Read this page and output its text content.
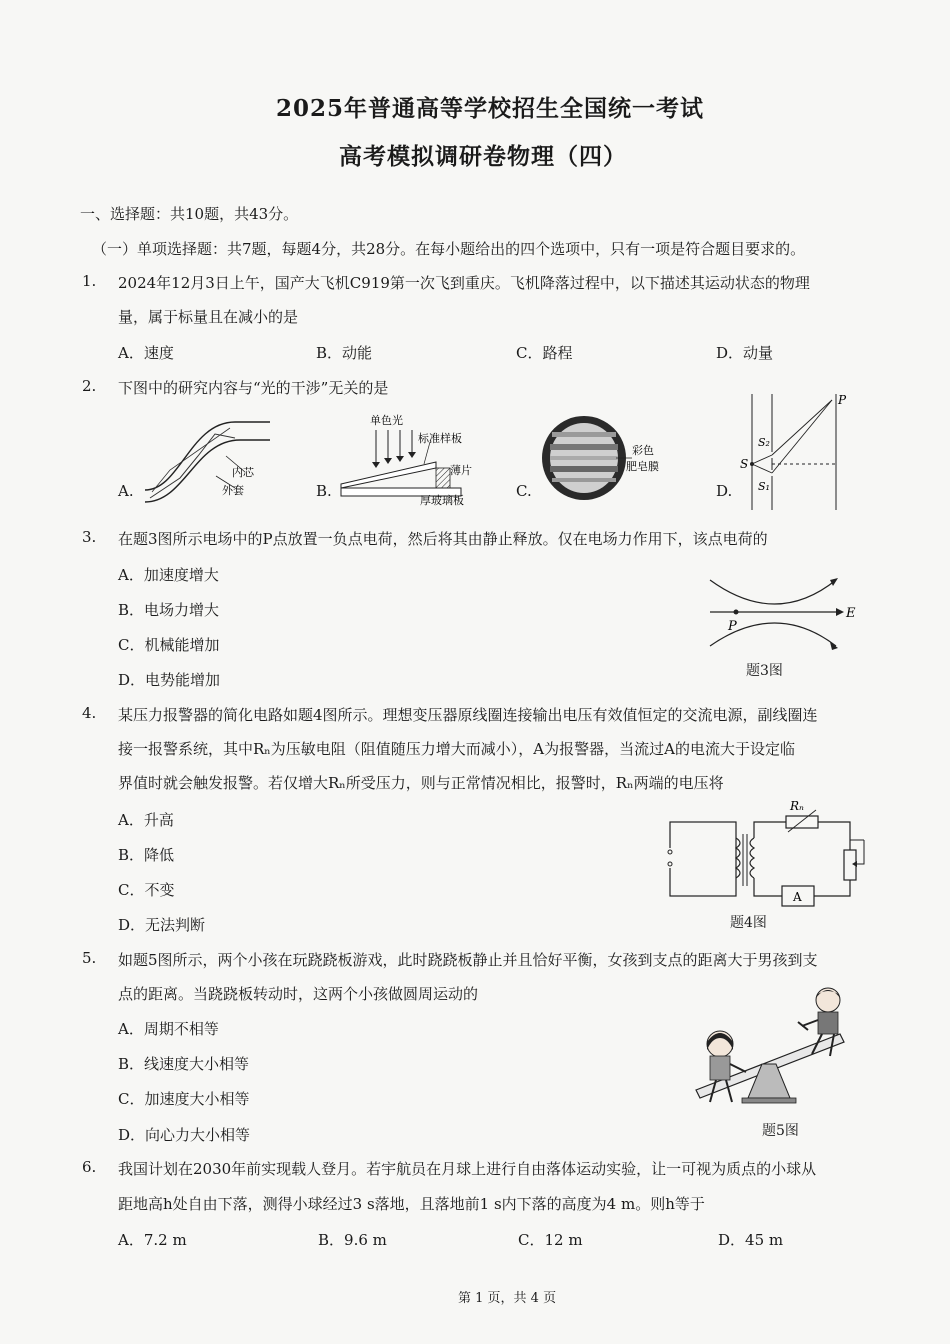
2025年普通高等学校招生全国统一考试
高考模拟调研卷物理（四）
一、选择题：共10题，共43分。
（一）单项选择题：共7题，每题4分，共28分。在每小题给出的四个选项中，只有一项是符合题目要求的。
1. 2024年12月3日上午，国产大飞机C919第一次飞到重庆。飞机降落过程中，以下描述其运动状态的物理
量，属于标量且在减小的是
A．速度	B．动能	C．路程	D．动量
2. 下图中的研究内容与“光的干涉”无关的是
A.	B.	C.	D.
内芯
外套
单色光
标准样板
薄片
厚玻璃板
彩色
肥皂膜
P
S
S₂
S₁
3. 在题3图所示电场中的P点放置一负点电荷，然后将其由静止释放。仅在电场力作用下，该点电荷的
A．加速度增大
B．电场力增大
C．机械能增加
D．电势能增加
P
E
题3图
4. 某压力报警器的简化电路如题4图所示。理想变压器原线圈连接输出电压有效值恒定的交流电源，副线圈连
接一报警系统，其中Rₙ为压敏电阻（阻值随压力增大而减小），A为报警器，当流过A的电流大于设定临
界值时就会触发报警。若仅增大Rₙ所受压力，则与正常情况相比，报警时，Rₙ两端的电压将
A．升高
B．降低
C．不变
D．无法判断
Rₙ
A
题4图
5. 如题5图所示，两个小孩在玩跷跷板游戏，此时跷跷板静止并且恰好平衡，女孩到支点的距离大于男孩到支
点的距离。当跷跷板转动时，这两个小孩做圆周运动的
A．周期不相等
B．线速度大小相等
C．加速度大小相等
D．向心力大小相等	题5图
6. 我国计划在2030年前实现载人登月。若宇航员在月球上进行自由落体运动实验，让一可视为质点的小球从
距地高h处自由下落，测得小球经过3 s落地，且落地前1 s内下落的高度为4 m。则h等于
A．7.2 m	B．9.6 m	C．12 m	D．45 m
第 1 页，共 4 页
